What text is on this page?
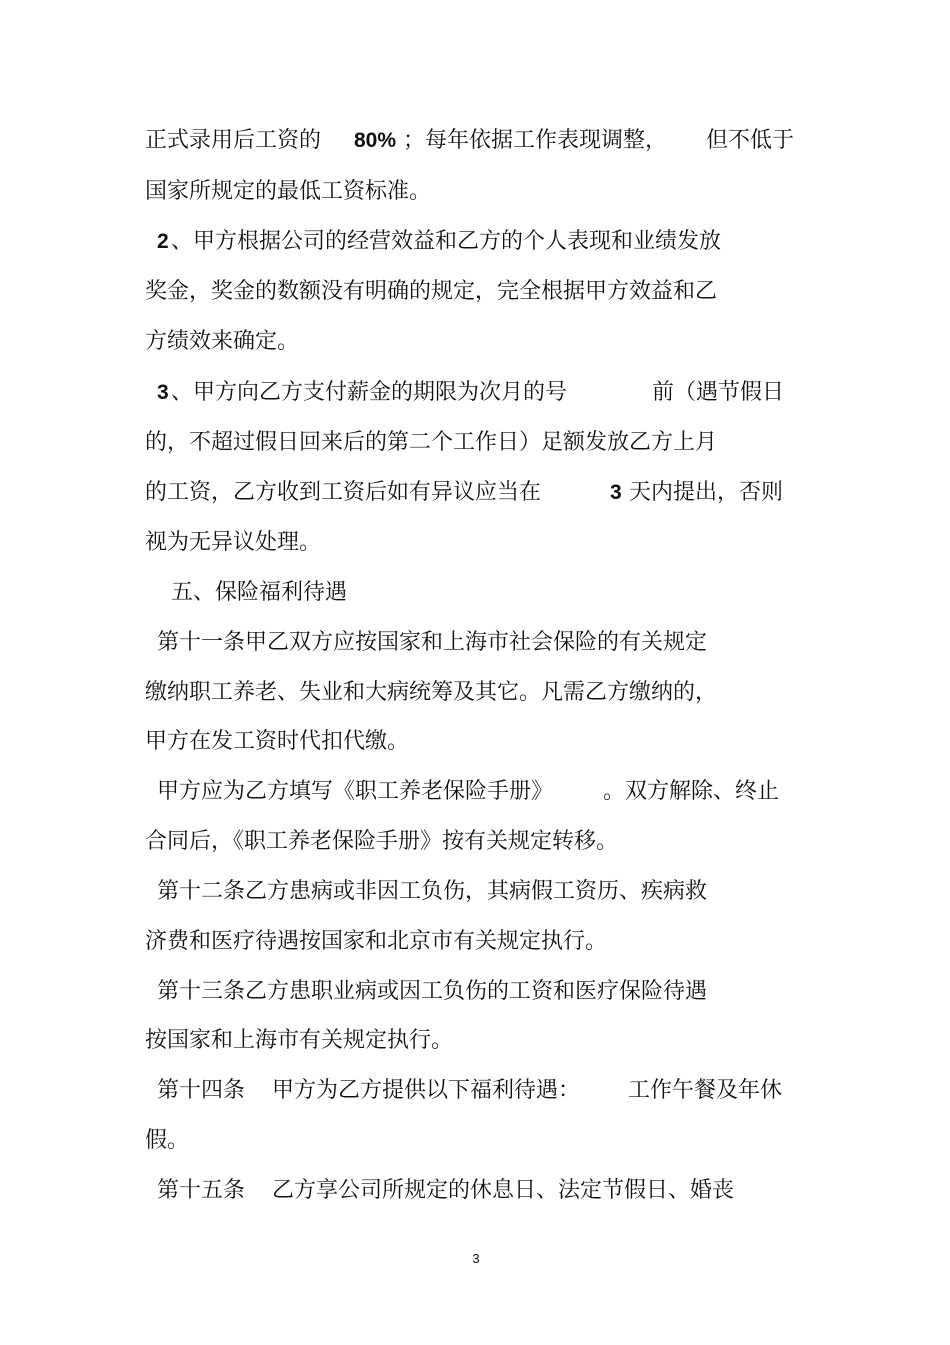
正式录用后工资的

80%

；每年依据工作表现调整，

但不低于

国家所规定的最低工资标准。

2

、甲方根据公司的经营效益和乙方的个人表现和业绩发放

奖金，奖金的数额没有明确的规定，完全根据甲方效益和乙

方绩效来确定。

3

、甲方向乙方支付薪金的期限为次月的号

	前（遇节假日

的，不超过假日回来后的第二个工作日）足额发放乙方上月

的工资，乙方收到工资后如有异议应当在

	3

天内提出，否则

视为无异议处理。

五、保险福利待遇

第十一条甲乙双方应按国家和上海市社会保险的有关规定

缴纳职工养老、失业和大病统筹及其它。凡需乙方缴纳的，

甲方在发工资时代扣代缴。

甲方应为乙方填写《职工养老保险手册》

。双方解除、终止

合同后，《职工养老保险手册》按有关规定转移。

第十二条乙方患病或非因工负伤，其病假工资历、疾病救

济费和医疗待遇按国家和北京市有关规定执行。

第十三条乙方患职业病或因工负伤的工资和医疗保险待遇

按国家和上海市有关规定执行。

第十四条

甲方为乙方提供以下福利待遇：

工作午餐及年休

假。

第十五条

乙方享公司所规定的休息日、法定节假日、婚丧

3
